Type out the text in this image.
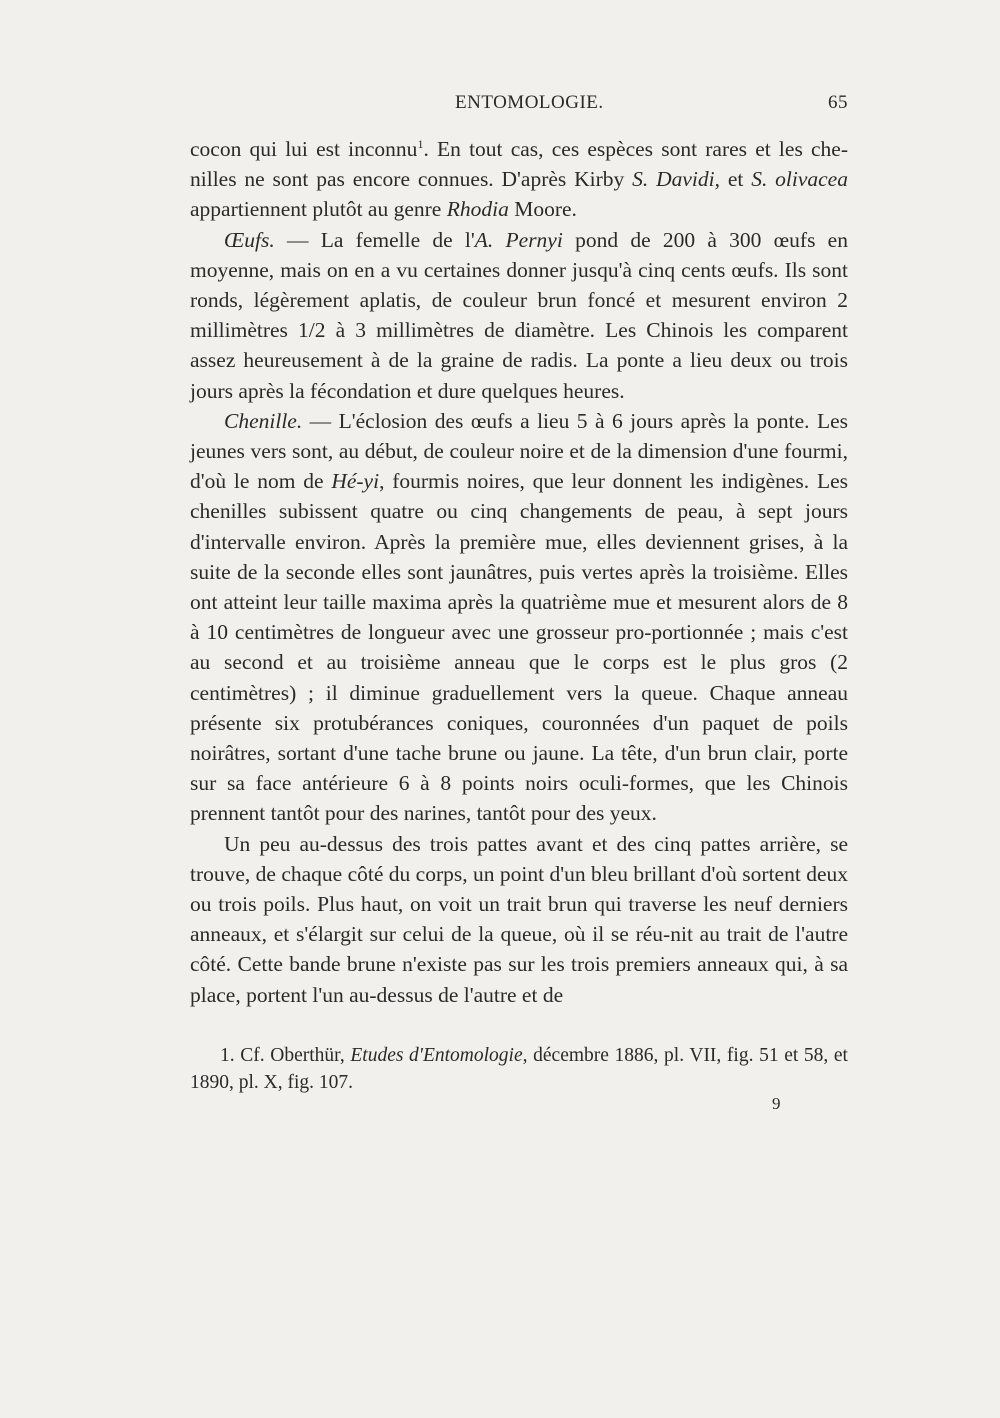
ENTOMOLOGIE.	65

cocon qui lui est inconnu$^1$. En tout cas, ces espèces sont rares et les che-nilles ne sont pas encore connues. D'après Kirby S. Davidi, et S. olivacea appartiennent plutôt au genre Rhodia Moore.

Œufs. — La femelle de l'A. Pernyi pond de 200 à 300 œufs en moyenne, mais on en a vu certaines donner jusqu'à cinq cents œufs. Ils sont ronds, légèrement aplatis, de couleur brun foncé et mesurent environ 2 millimètres 1/2 à 3 millimètres de diamètre. Les Chinois les comparent assez heureusement à de la graine de radis. La ponte a lieu deux ou trois jours après la fécondation et dure quelques heures.

Chenille. — L'éclosion des œufs a lieu 5 à 6 jours après la ponte. Les jeunes vers sont, au début, de couleur noire et de la dimension d'une fourmi, d'où le nom de Hé-yi, fourmis noires, que leur donnent les indigènes. Les chenilles subissent quatre ou cinq changements de peau, à sept jours d'intervalle environ. Après la première mue, elles deviennent grises, à la suite de la seconde elles sont jaunâtres, puis vertes après la troisième. Elles ont atteint leur taille maxima après la quatrième mue et mesurent alors de 8 à 10 centimètres de longueur avec une grosseur pro-portionnée ; mais c'est au second et au troisième anneau que le corps est le plus gros (2 centimètres) ; il diminue graduellement vers la queue. Chaque anneau présente six protubérances coniques, couronnées d'un paquet de poils noirâtres, sortant d'une tache brune ou jaune. La tête, d'un brun clair, porte sur sa face antérieure 6 à 8 points noirs oculi-formes, que les Chinois prennent tantôt pour des narines, tantôt pour des yeux.

Un peu au-dessus des trois pattes avant et des cinq pattes arrière, se trouve, de chaque côté du corps, un point d'un bleu brillant d'où sortent deux ou trois poils. Plus haut, on voit un trait brun qui traverse les neuf derniers anneaux, et s'élargit sur celui de la queue, où il se réu-nit au trait de l'autre côté. Cette bande brune n'existe pas sur les trois premiers anneaux qui, à sa place, portent l'un au-dessus de l'autre et de

1. Cf. Oberthür, Etudes d'Entomologie, décembre 1886, pl. VII, fig. 51 et 58, et 1890, pl. X, fig. 107.

9
